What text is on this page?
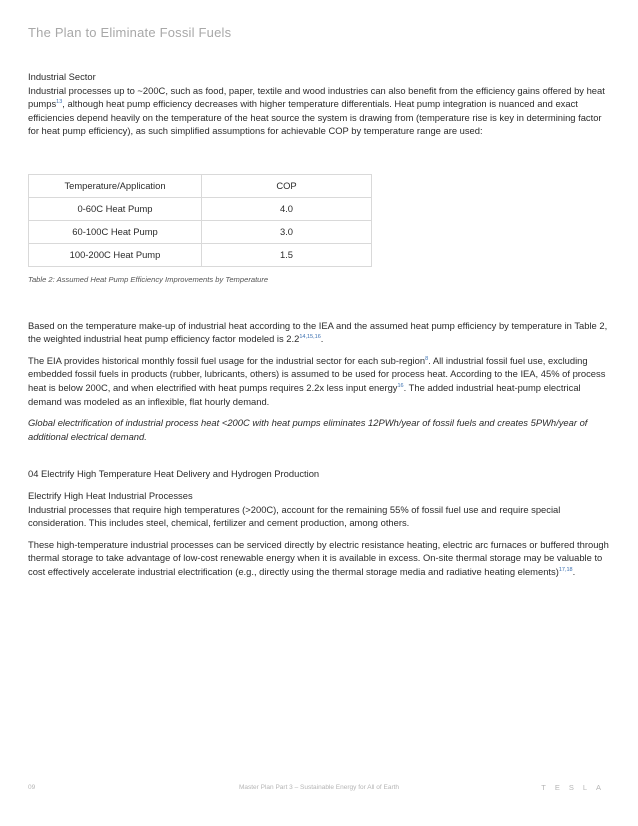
The Plan to Eliminate Fossil Fuels

Industrial Sector

Industrial processes up to ~200C, such as food, paper, textile and wood industries can also benefit from the efficiency gains offered by heat pumps$^{13}$, although heat pump efficiency decreases with higher temperature differentials. Heat pump integration is nuanced and exact efficiencies depend heavily on the temperature of the heat source the system is drawing from (temperature rise is key in determining factor for heat pump efficiency), as such simplified assumptions for achievable COP by temperature range are used:

Temperature/Application	COP
0-60C Heat Pump	4.0
60-100C Heat Pump	3.0
100-200C Heat Pump	1.5
Table 2: Assumed Heat Pump Efficiency Improvements by Temperature

Based on the temperature make-up of industrial heat according to the IEA and the assumed heat pump efficiency by temperature in Table 2, the weighted industrial heat pump efficiency factor modeled is 2.2$^{14,15,16}$.

The EIA provides historical monthly fossil fuel usage for the industrial sector for each sub-region$^8$. All industrial fossil fuel use, excluding embedded fossil fuels in products (rubber, lubricants, others) is assumed to be used for process heat. According to the IEA, 45% of process heat is below 200C, and when electrified with heat pumps requires 2.2x less input energy$^{16}$. The added industrial heat-pump electrical demand was modeled as an inflexible, flat hourly demand.

Global electrification of industrial process heat <200C with heat pumps eliminates 12PWh/year of fossil fuels and creates 5PWh/year of additional electrical demand.

04 Electrify High Temperature Heat Delivery and Hydrogen Production

Electrify High Heat Industrial Processes

Industrial processes that require high temperatures (>200C), account for the remaining 55% of fossil fuel use and require special consideration. This includes steel, chemical, fertilizer and cement production, among others.

These high-temperature industrial processes can be serviced directly by electric resistance heating, electric arc furnaces or buffered through thermal storage to take advantage of low-cost renewable energy when it is available in excess. On-site thermal storage may be valuable to cost effectively accelerate industrial electrification (e.g., directly using the thermal storage media and radiative heating elements)$^{17,18}$.

09	Master Plan Part 3 – Sustainable Energy for All of Earth	TESLA
